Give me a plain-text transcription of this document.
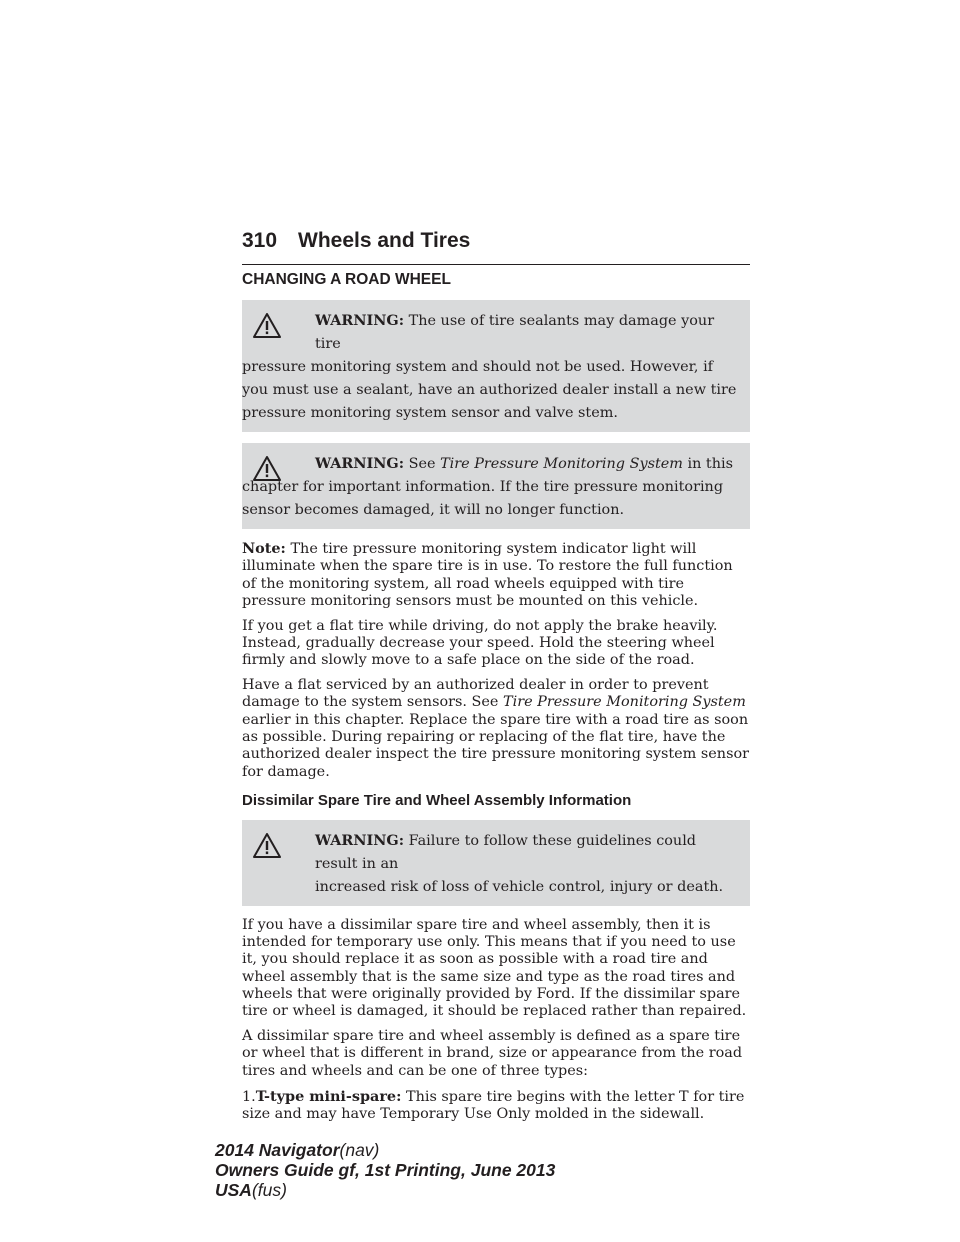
310 Wheels and Tires
CHANGING A ROAD WHEEL

WARNING: The use of tire sealants may damage your tire

pressure monitoring system and should not be used. However, if you must use a sealant, have an authorized dealer install a new tire pressure monitoring system sensor and valve stem.

WARNING: See Tire Pressure Monitoring System in this

chapter for important information. If the tire pressure monitoring sensor becomes damaged, it will no longer function.

Note: The tire pressure monitoring system indicator light will illuminate when the spare tire is in use. To restore the full function of the monitoring system, all road wheels equipped with tire pressure monitoring sensors must be mounted on this vehicle.

If you get a flat tire while driving, do not apply the brake heavily. Instead, gradually decrease your speed. Hold the steering wheel firmly and slowly move to a safe place on the side of the road.

Have a flat serviced by an authorized dealer in order to prevent damage to the system sensors. See Tire Pressure Monitoring System earlier in this chapter. Replace the spare tire with a road tire as soon as possible. During repairing or replacing of the flat tire, have the authorized dealer inspect the tire pressure monitoring system sensor for damage.

Dissimilar Spare Tire and Wheel Assembly Information

WARNING: Failure to follow these guidelines could result in an

increased risk of loss of vehicle control, injury or death.

If you have a dissimilar spare tire and wheel assembly, then it is intended for temporary use only. This means that if you need to use it, you should replace it as soon as possible with a road tire and wheel assembly that is the same size and type as the road tires and wheels that were originally provided by Ford. If the dissimilar spare tire or wheel is damaged, it should be replaced rather than repaired.

A dissimilar spare tire and wheel assembly is defined as a spare tire or wheel that is different in brand, size or appearance from the road tires and wheels and can be one of three types:

1.T-type mini-spare: This spare tire begins with the letter T for tire size and may have Temporary Use Only molded in the sidewall.

2014 Navigator(nav)
Owners Guide gf, 1st Printing, June 2013
USA(fus)
